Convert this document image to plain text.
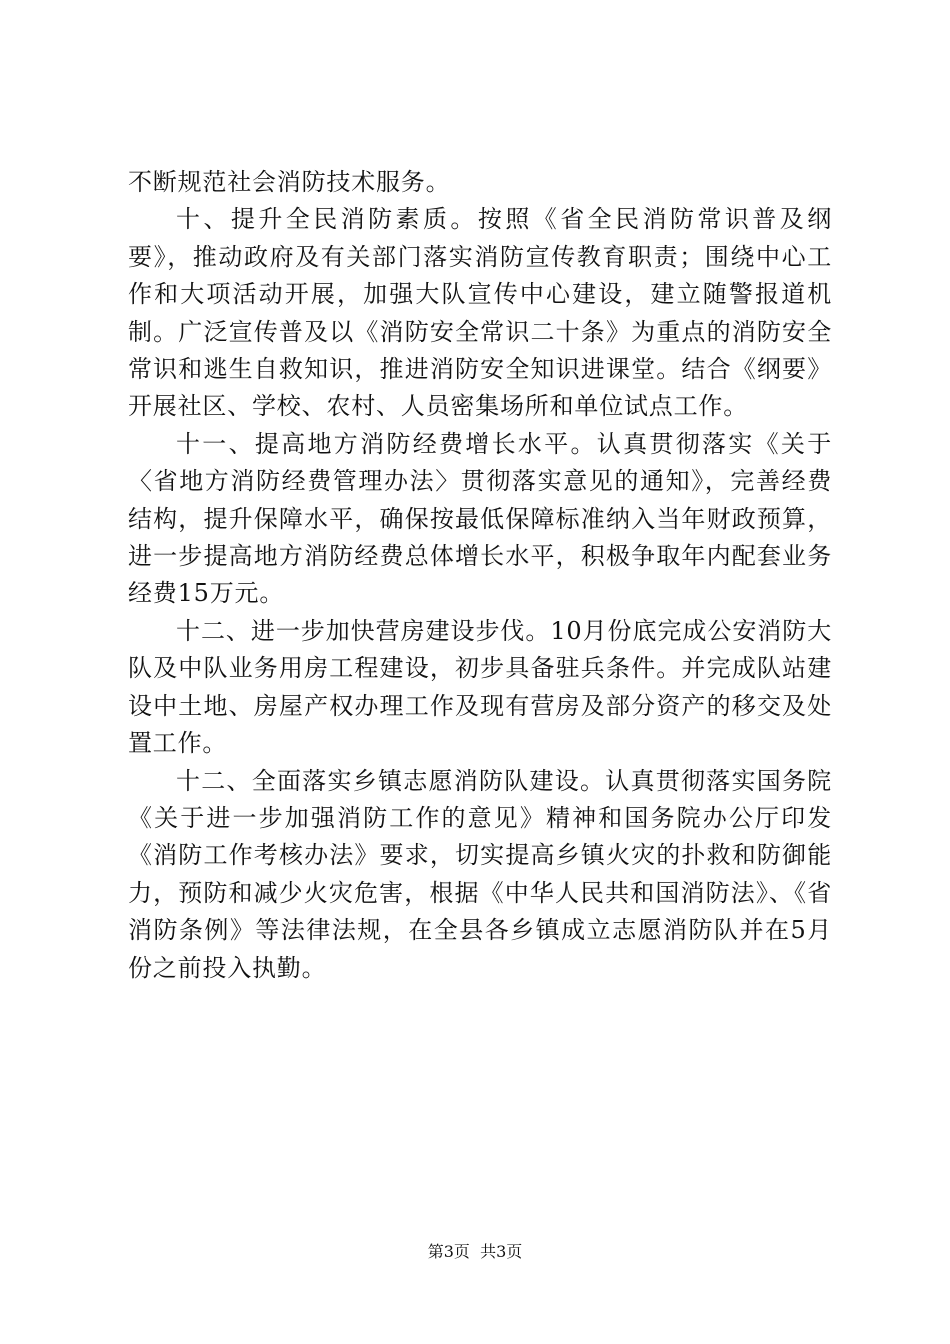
不断规范社会消防技术服务。

十、提升全民消防素质。按照《省全民消防常识普及纲要》，推动政府及有关部门落实消防宣传教育职责；围绕中心工作和大项活动开展，加强大队宣传中心建设，建立随警报道机制。广泛宣传普及以《消防安全常识二十条》为重点的消防安全常识和逃生自救知识，推进消防安全知识进课堂。结合《纲要》开展社区、学校、农村、人员密集场所和单位试点工作。

十一、提高地方消防经费增长水平。认真贯彻落实《关于〈省地方消防经费管理办法〉贯彻落实意见的通知》，完善经费结构，提升保障水平，确保按最低保障标准纳入当年财政预算，进一步提高地方消防经费总体增长水平，积极争取年内配套业务经费15万元。

十二、进一步加快营房建设步伐。10月份底完成公安消防大队及中队业务用房工程建设，初步具备驻兵条件。并完成队站建设中土地、房屋产权办理工作及现有营房及部分资产的移交及处置工作。

十二、全面落实乡镇志愿消防队建设。认真贯彻落实国务院《关于进一步加强消防工作的意见》精神和国务院办公厅印发《消防工作考核办法》要求，切实提高乡镇火灾的扑救和防御能力，预防和减少火灾危害，根据《中华人民共和国消防法》、《省消防条例》等法律法规，在全县各乡镇成立志愿消防队并在5月份之前投入执勤。

第3页  共3页
